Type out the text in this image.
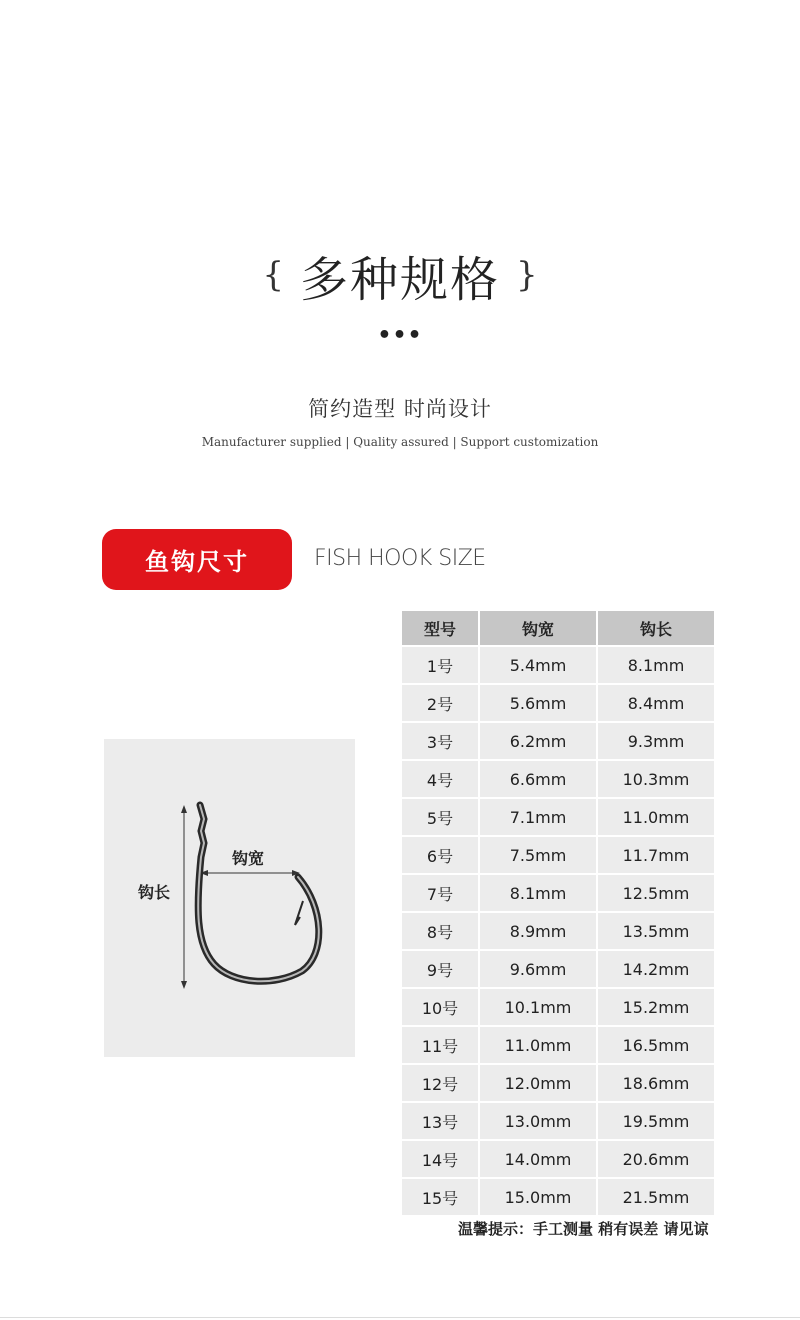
{ 多种规格 }
•••
简约造型 时尚设计
Manufacturer supplied | Quality assured | Support customization
鱼钩尺寸	FISH HOOK SIZE
钩长
钩宽
型号	钩宽	钩长
1号	5.4mm	8.1mm
2号	5.6mm	8.4mm
3号	6.2mm	9.3mm
4号	6.6mm	10.3mm
5号	7.1mm	11.0mm
6号	7.5mm	11.7mm
7号	8.1mm	12.5mm
8号	8.9mm	13.5mm
9号	9.6mm	14.2mm
10号	10.1mm	15.2mm
11号	11.0mm	16.5mm
12号	12.0mm	18.6mm
13号	13.0mm	19.5mm
14号	14.0mm	20.6mm
15号	15.0mm	21.5mm
温馨提示：手工测量 稍有误差 请见谅
